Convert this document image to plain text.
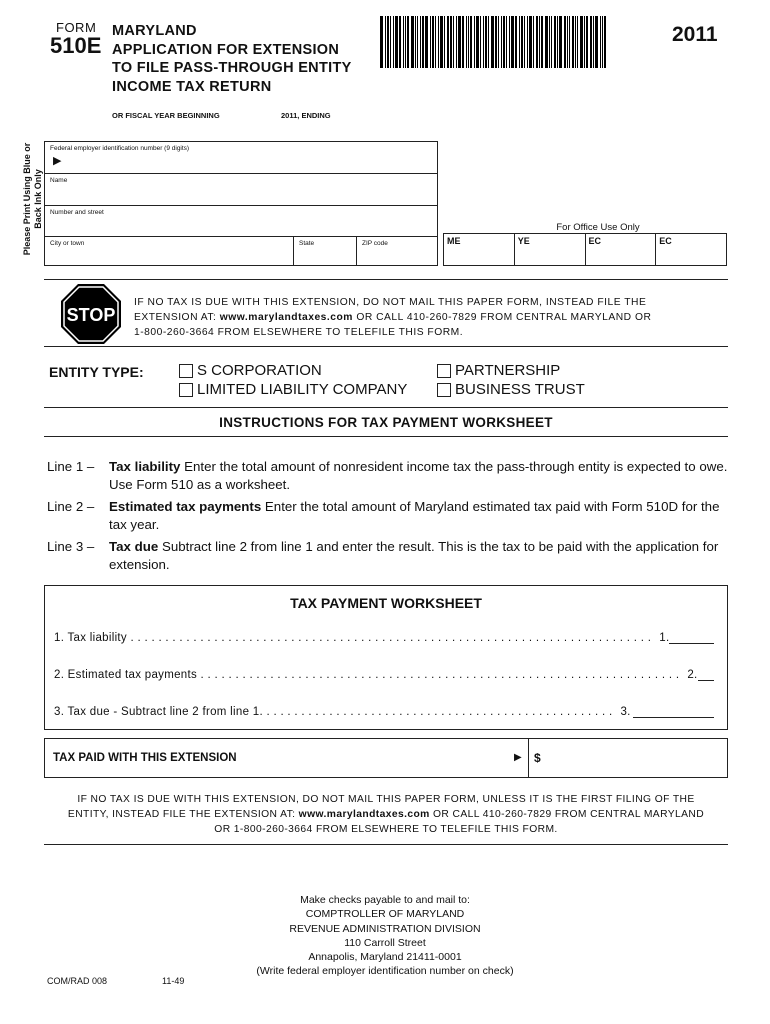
FORM
510E
MARYLAND
APPLICATION FOR EXTENSION
TO FILE PASS-THROUGH ENTITY
INCOME TAX RETURN
2011
OR FISCAL YEAR BEGINNING	2011, ENDING
Please Print Using Blue or Back Ink Only
Federal employer identification number (9 digits)
▶
Name
Number and street
City or town	State	ZIP code
For Office Use Only
ME	YE	EC	EC
STOP
IF NO TAX IS DUE WITH THIS EXTENSION, DO NOT MAIL THIS PAPER FORM, INSTEAD FILE THE
EXTENSION AT: www.marylandtaxes.com OR CALL 410-260-7829 FROM CENTRAL MARYLAND OR
1-800-260-3664 FROM ELSEWHERE TO TELEFILE THIS FORM.
ENTITY TYPE:	S CORPORATION
LIMITED LIABILITY COMPANY
PARTNERSHIP
BUSINESS TRUST
INSTRUCTIONS FOR TAX PAYMENT WORKSHEET
Line 1 –	Tax liability Enter the total amount of nonresident income tax the pass-through entity is expected to owe. Use Form 510 as a worksheet.
Line 2 –	Estimated tax payments Enter the total amount of Maryland estimated tax paid with Form 510D for the tax year.
Line 3 –	Tax due Subtract line 2 from line 1 and enter the result. This is the tax to be paid with the application for extension.
TAX PAYMENT WORKSHEET
1. Tax liability . . . . . . . . . . . . . . . . . . . . . . . . . . . . . . . . . . . . . . . . . . . . . . . . . . . . . . . . . . . . . . . . . . . . . . . . . . . 1.
2. Estimated tax payments . . . . . . . . . . . . . . . . . . . . . . . . . . . . . . . . . . . . . . . . . . . . . . . . . . . . . . . . . . . . . . . . . . . . . 2.
3. Tax due - Subtract line 2 from line 1. . . . . . . . . . . . . . . . . . . . . . . . . . . . . . . . . . . . . . . . . . . . . . . . . . . 3.
TAX PAID WITH THIS EXTENSION	▶ $
IF NO TAX IS DUE WITH THIS EXTENSION, DO NOT MAIL THIS PAPER FORM, UNLESS IT IS THE FIRST FILING OF THE
ENTITY, INSTEAD FILE THE EXTENSION AT: www.marylandtaxes.com OR CALL 410-260-7829 FROM CENTRAL MARYLAND
OR 1-800-260-3664 FROM ELSEWHERE TO TELEFILE THIS FORM.
Make checks payable to and mail to:
COMPTROLLER OF MARYLAND
REVENUE ADMINISTRATION DIVISION
110 Carroll Street
Annapolis, Maryland 21411-0001
(Write federal employer identification number on check)
COM/RAD 008	11-49
